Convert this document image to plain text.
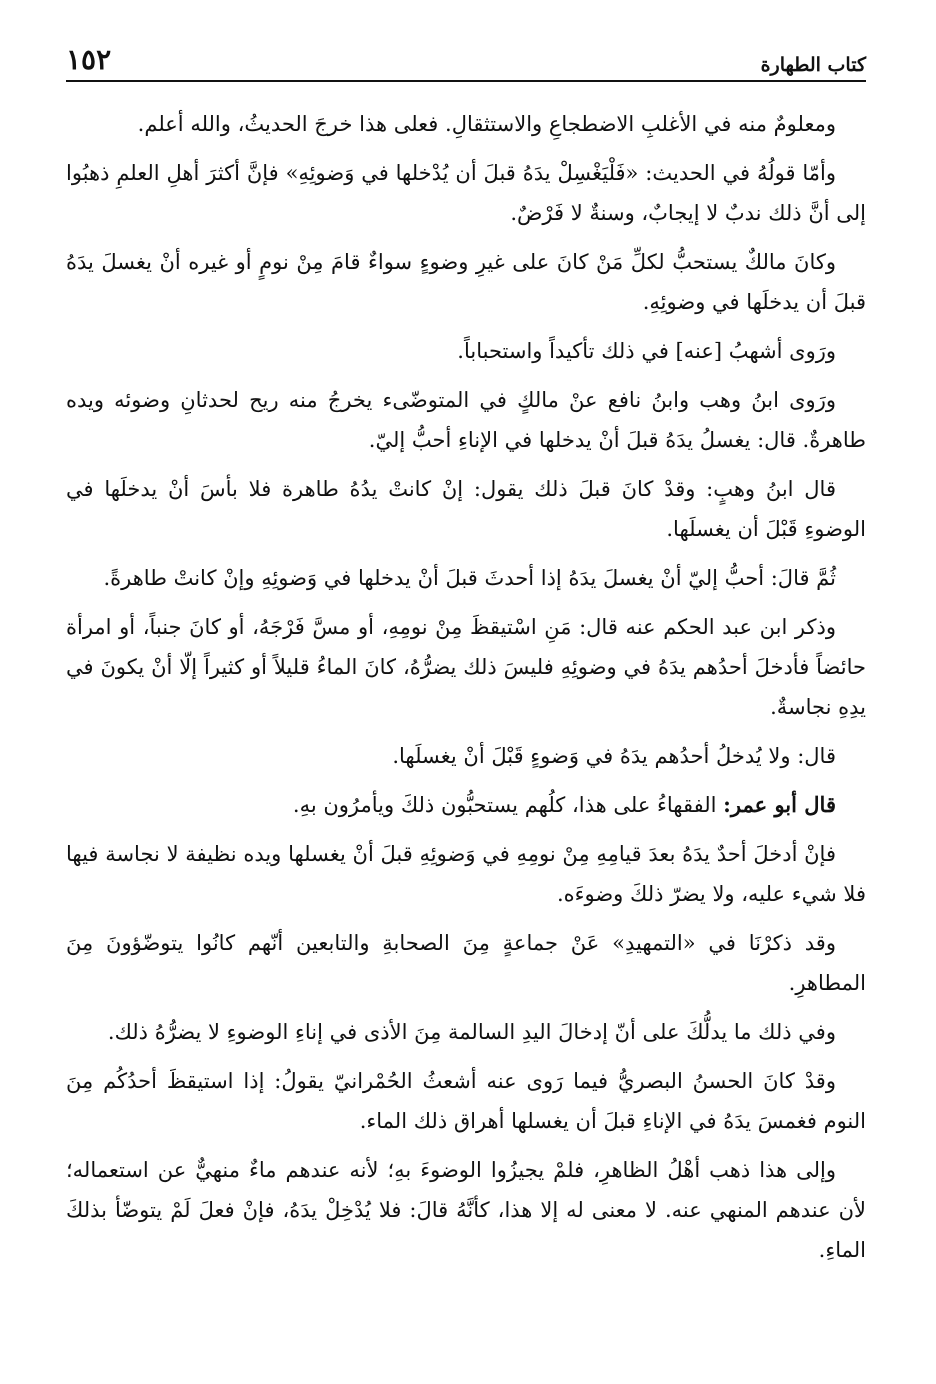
كتاب الطهارة
١٥٢

ومعلومٌ منه في الأغلبِ الاضطجاعِ والاستثقالِ. فعلى هذا خرجَ الحديثُ، والله أعلم.

وأمّا قولُهُ في الحديث: «فَلْيَغْسِلْ يدَهُ قبلَ أن يُدْخلها في وَضوئِهِ» فإنَّ أكثرَ أهلِ العلمِ ذهبُوا إلى أنَّ ذلك ندبٌ لا إيجابٌ، وسنةٌ لا فَرْضٌ.

وكانَ مالكٌ يستحبُّ لكلِّ مَنْ كانَ على غيرِ وضوءٍ سواءٌ قامَ مِنْ نومٍ أو غيره أنْ يغسلَ يدَهُ قبلَ أن يدخلَها في وضوئِهِ.

ورَوى أشهبُ [عنه] في ذلك تأكيداً واستحباباً.

ورَوى ابنُ وهب وابنُ نافع عنْ مالكٍ في المتوضّىء يخرجُ منه ريح لحدثانِ وضوئه ويده طاهرةٌ. قال: يغسلُ يدَهُ قبلَ أنْ يدخلها في الإناءِ أحبُّ إليّ.

قال ابنُ وهبٍ: وقدْ كانَ قبلَ ذلك يقول: إنْ كانتْ يدُهُ طاهرة فلا بأسَ أنْ يدخلَها في الوضوءِ قَبْلَ أن يغسلَها.

ثُمَّ قالَ: أحبُّ إليّ أنْ يغسلَ يدَهُ إذا أحدثَ قبلَ أنْ يدخلها في وَضوئِهِ وإنْ كانتْ طاهرةً.

وذكر ابن عبد الحكم عنه قال: مَنِ اسْتيقظَ مِنْ نومِهِ، أو مسَّ فَرْجَهُ، أو كانَ جنباً، أو امرأة حائضاً فأدخلَ أحدُهم يدَهُ في وضوئِهِ فليسَ ذلك يضرُّهُ، كانَ الماءُ قليلاً أو كثيراً إلّا أنْ يكونَ في يدِهِ نجاسةٌ.

قال: ولا يُدخلُ أحدُهم يدَهُ في وَضوءٍ قَبْلَ أنْ يغسلَها.

قال أبو عمر: الفقهاءُ على هذا، كلُهم يستحبُّون ذلكَ ويأمرُون بهِ.

فإنْ أدخلَ أحدٌ يدَهُ بعدَ قيامِهِ مِنْ نومِهِ في وَضوئِهِ قبلَ أنْ يغسلها ويده نظيفة لا نجاسة فيها فلا شيء عليه، ولا يضرّ ذلكَ وضوءَه.

وقد ذكرْنَا في «التمهيدِ» عَنْ جماعةٍ مِنَ الصحابةِ والتابعين أنّهم كانُوا يتوضّؤونَ مِنَ المطاهرِ.

وفي ذلك ما يدلُّكَ على أنّ إدخالَ اليدِ السالمة مِنَ الأذى في إناءِ الوضوءِ لا يضرُّهُ ذلك.

وقدْ كانَ الحسنُ البصريُّ فيما رَوى عنه أشعثُ الحُمْرانيّ يقولُ: إذا استيقظَ أحدُكُم مِنَ النوم فغمسَ يدَهُ في الإناءِ قبلَ أن يغسلها أهراق ذلك الماء.

وإلى هذا ذهب أهْلُ الظاهرِ، فلمْ يجيزُوا الوضوءَ بهِ؛ لأنه عندهم ماءٌ منهيٌّ عن استعماله؛ لأن عندهم المنهي عنه. لا معنى له إلا هذا، كأنَّهُ قالَ: فلا يُدْخِلْ يدَهُ، فإنْ فعلَ لَمْ يتوضّأ بذلكَ الماءِ.
